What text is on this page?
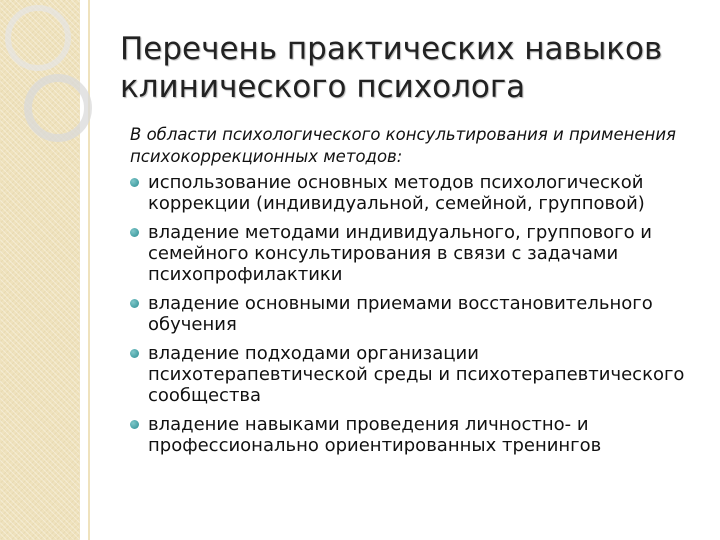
Перечень практических навыков клинического психолога

В области психологического консультирования и применения психокоррекционных методов:

использование основных методов психологической коррекции (индивидуальной, семейной, групповой)
владение методами индивидуального, группового и семейного консультирования в связи с задачами психопрофилактики
владение основными приемами восстановительного обучения
владение подходами организации психотерапевтической среды и психотерапевтического сообщества
владение навыками проведения личностно- и профессионально ориентированных тренингов
